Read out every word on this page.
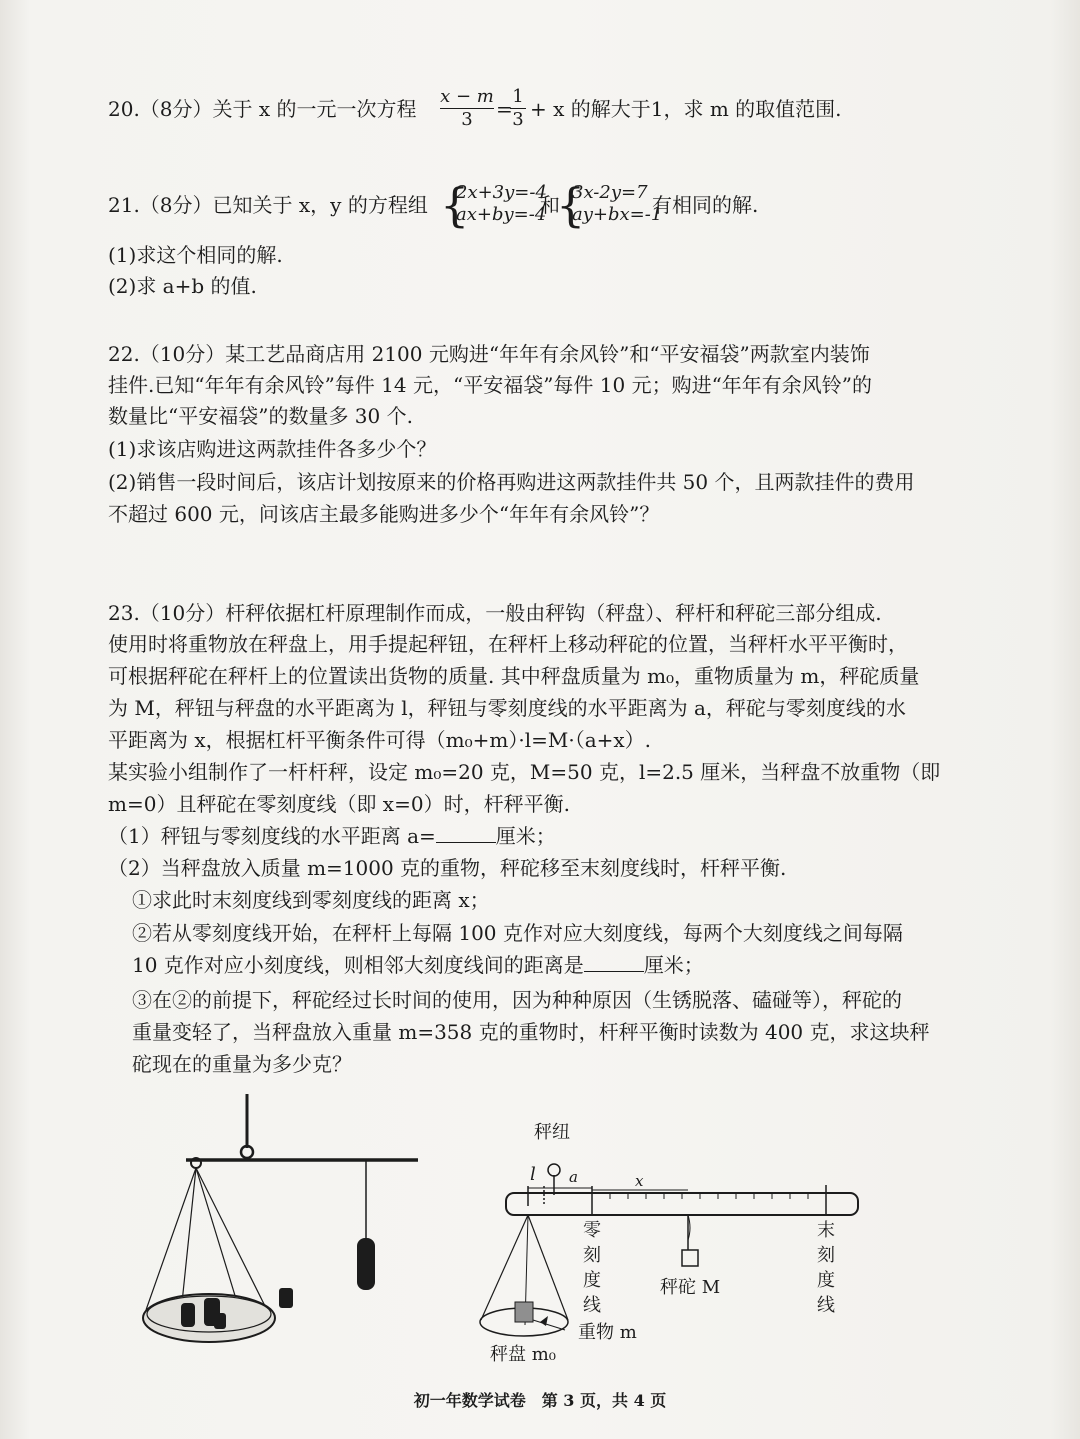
20.（8分）关于 x 的一元一次方程 $\frac{x - m}{3}$ =
$\frac{1}{3} + x$ 的解大于1，求 m 的取值范围.
21.（8分）已知关于 x，y 的方程组 {
2x+3y=-4
ax+by=-4
和
{
3x-2y=7
ay+bx=-1
有相同的解.
(1)求这个相同的解.
(2)求 a+b 的值.
22.（10分）某工艺品商店用 2100 元购进“年年有余风铃”和“平安福袋”两款室内装饰
挂件.已知“年年有余风铃”每件 14 元，“平安福袋”每件 10 元；购进“年年有余风铃”的
数量比“平安福袋”的数量多 30 个.
(1)求该店购进这两款挂件各多少个？
(2)销售一段时间后，该店计划按原来的价格再购进这两款挂件共 50 个，且两款挂件的费用
不超过 600 元，问该店主最多能购进多少个“年年有余风铃”？
23.（10分）杆秤依据杠杆原理制作而成，一般由秤钩（秤盘）、秤杆和秤砣三部分组成.
使用时将重物放在秤盘上，用手提起秤钮，在秤杆上移动秤砣的位置，当秤杆水平平衡时，
可根据秤砣在秤杆上的位置读出货物的质量. 其中秤盘质量为 m₀，重物质量为 m，秤砣质量
为 M，秤钮与秤盘的水平距离为 l，秤钮与零刻度线的水平距离为 a，秤砣与零刻度线的水
平距离为 x，根据杠杆平衡条件可得（m₀+m）·l=M·（a+x）.
某实验小组制作了一杆杆秤，设定 m₀=20 克，M=50 克，l=2.5 厘米，当秤盘不放重物（即
m=0）且秤砣在零刻度线（即 x=0）时，杆秤平衡.
（1）秤钮与零刻度线的水平距离 a=	厘米；
（2）当秤盘放入质量 m=1000 克的重物，秤砣移至末刻度线时，杆秤平衡.
①求此时末刻度线到零刻度线的距离 x；
②若从零刻度线开始，在秤杆上每隔 100 克作对应大刻度线，每两个大刻度线之间每隔
10 克作对应小刻度线，则相邻大刻度线间的距离是	厘米；
③在②的前提下，秤砣经过长时间的使用，因为种种原因（生锈脱落、磕碰等），秤砣的
重量变轻了，当秤盘放入重量 m=358 克的重物时，杆秤平衡时读数为 400 克，求这块秤
砣现在的重量为多少克？
秤纽
l a	x
零
刻
度
线
末
刻
度
线
秤砣 M
重物 m
秤盘 m₀
初一年数学试卷　第 3 页，共 4 页
